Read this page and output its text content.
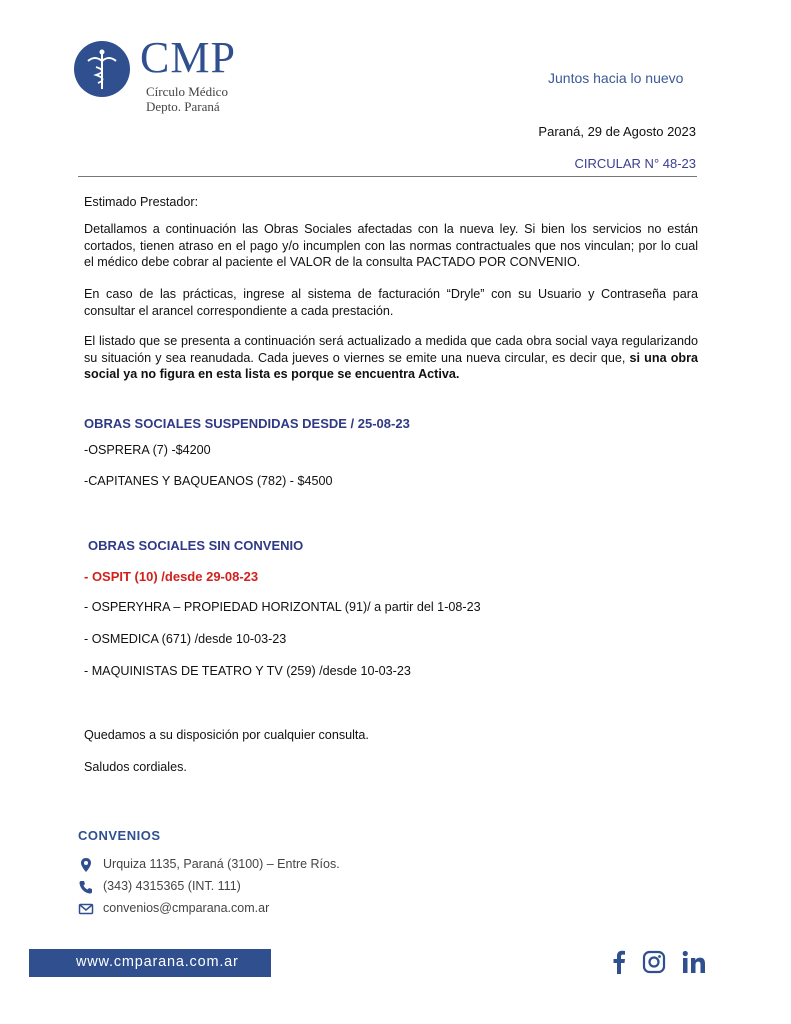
CMP
Círculo Médico
Depto. Paraná
Juntos hacia lo nuevo
Paraná, 29 de Agosto 2023
CIRCULAR N° 48-23
Estimado Prestador:
Detallamos a continuación las Obras Sociales afectadas con la nueva ley. Si bien los servicios no están cortados, tienen atraso en el pago y/o incumplen con las normas contractuales que nos vinculan; por lo cual el médico debe cobrar al paciente el VALOR de la consulta PACTADO POR CONVENIO.
En caso de las prácticas, ingrese al sistema de facturación “Dryle” con su Usuario y Contraseña para consultar el arancel correspondiente a cada prestación.
El listado que se presenta a continuación será actualizado a medida que cada obra social vaya regularizando su situación y sea reanudada. Cada jueves o viernes se emite una nueva circular, es decir que, si una obra social ya no figura en esta lista es porque se encuentra Activa.
OBRAS SOCIALES SUSPENDIDAS DESDE / 25-08-23
-OSPRERA (7) -$4200
-CAPITANES Y BAQUEANOS (782) - $4500
OBRAS SOCIALES SIN CONVENIO
- OSPIT (10) /desde 29-08-23
- OSPERYHRA – PROPIEDAD HORIZONTAL (91)/ a partir del 1-08-23
- OSMEDICA (671) /desde 10-03-23
- MAQUINISTAS DE TEATRO Y TV (259) /desde 10-03-23
Quedamos a su disposición por cualquier consulta.
Saludos cordiales.
CONVENIOS
Urquiza 1135, Paraná (3100) – Entre Ríos.
(343) 4315365 (INT. 111)
convenios@cmparana.com.ar
www.cmparana.com.ar
